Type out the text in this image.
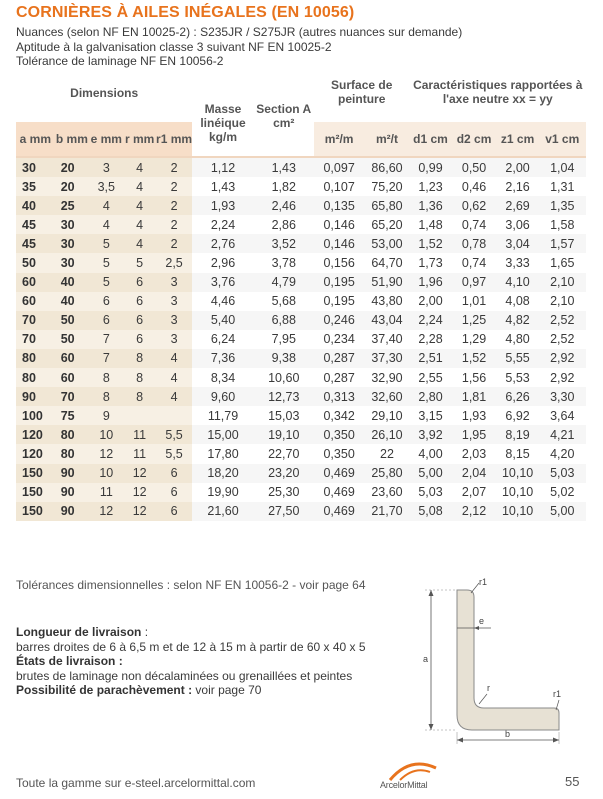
CORNIÈRES À AILES INÉGALES (EN 10056)
Nuances (selon NF EN 10025-2) : S235JR / S275JR (autres nuances sur demande)
Aptitude à la galvanisation classe 3 suivant NF EN 10025-2
Tolérance de laminage NF EN 10056-2
Dimensions					Masse linéique kg/m	Section A cm²	Surface de peinture		Caractéristiques rapportées à l'axe neutre xx = yy			
a mm	b mm	e mm	r mm	r1 mm			m²/m	m²/t	d1 cm	d2 cm	z1 cm	v1 cm
30	20	3	4	2	1,12	1,43	0,097	86,60	0,99	0,50	2,00	1,04
35	20	3,5	4	2	1,43	1,82	0,107	75,20	1,23	0,46	2,16	1,31
40	25	4	4	2	1,93	2,46	0,135	65,80	1,36	0,62	2,69	1,35
45	30	4	4	2	2,24	2,86	0,146	65,20	1,48	0,74	3,06	1,58
45	30	5	4	2	2,76	3,52	0,146	53,00	1,52	0,78	3,04	1,57
50	30	5	5	2,5	2,96	3,78	0,156	64,70	1,73	0,74	3,33	1,65
60	40	5	6	3	3,76	4,79	0,195	51,90	1,96	0,97	4,10	2,10
60	40	6	6	3	4,46	5,68	0,195	43,80	2,00	1,01	4,08	2,10
70	50	6	6	3	5,40	6,88	0,246	43,04	2,24	1,25	4,82	2,52
70	50	7	6	3	6,24	7,95	0,234	37,40	2,28	1,29	4,80	2,52
80	60	7	8	4	7,36	9,38	0,287	37,30	2,51	1,52	5,55	2,92
80	60	8	8	4	8,34	10,60	0,287	32,90	2,55	1,56	5,53	2,92
90	70	8	8	4	9,60	12,73	0,313	32,60	2,80	1,81	6,26	3,30
100	75	9			11,79	15,03	0,342	29,10	3,15	1,93	6,92	3,64
120	80	10	11	5,5	15,00	19,10	0,350	26,10	3,92	1,95	8,19	4,21
120	80	12	11	5,5	17,80	22,70	0,350	22	4,00	2,03	8,15	4,20
150	90	10	12	6	18,20	23,20	0,469	25,80	5,00	2,04	10,10	5,03
150	90	11	12	6	19,90	25,30	0,469	23,60	5,03	2,07	10,10	5,02
150	90	12	12	6	21,60	27,50	0,469	21,70	5,08	2,12	10,10	5,00
Tolérances dimensionnelles : selon NF EN 10056-2 - voir page 64
Longueur de livraison :
barres droites de 6 à 6,5 m et de 12 à 15 m à partir de 60 x 40 x 5
États de livraison :
brutes de laminage non décalaminées ou grenaillées et peintes
Possibilité de parachèvement : voir page 70
a
b
e
r1
r
r1
Toute la gamme sur e-steel.arcelormittal.com	ArcelorMittal	55
